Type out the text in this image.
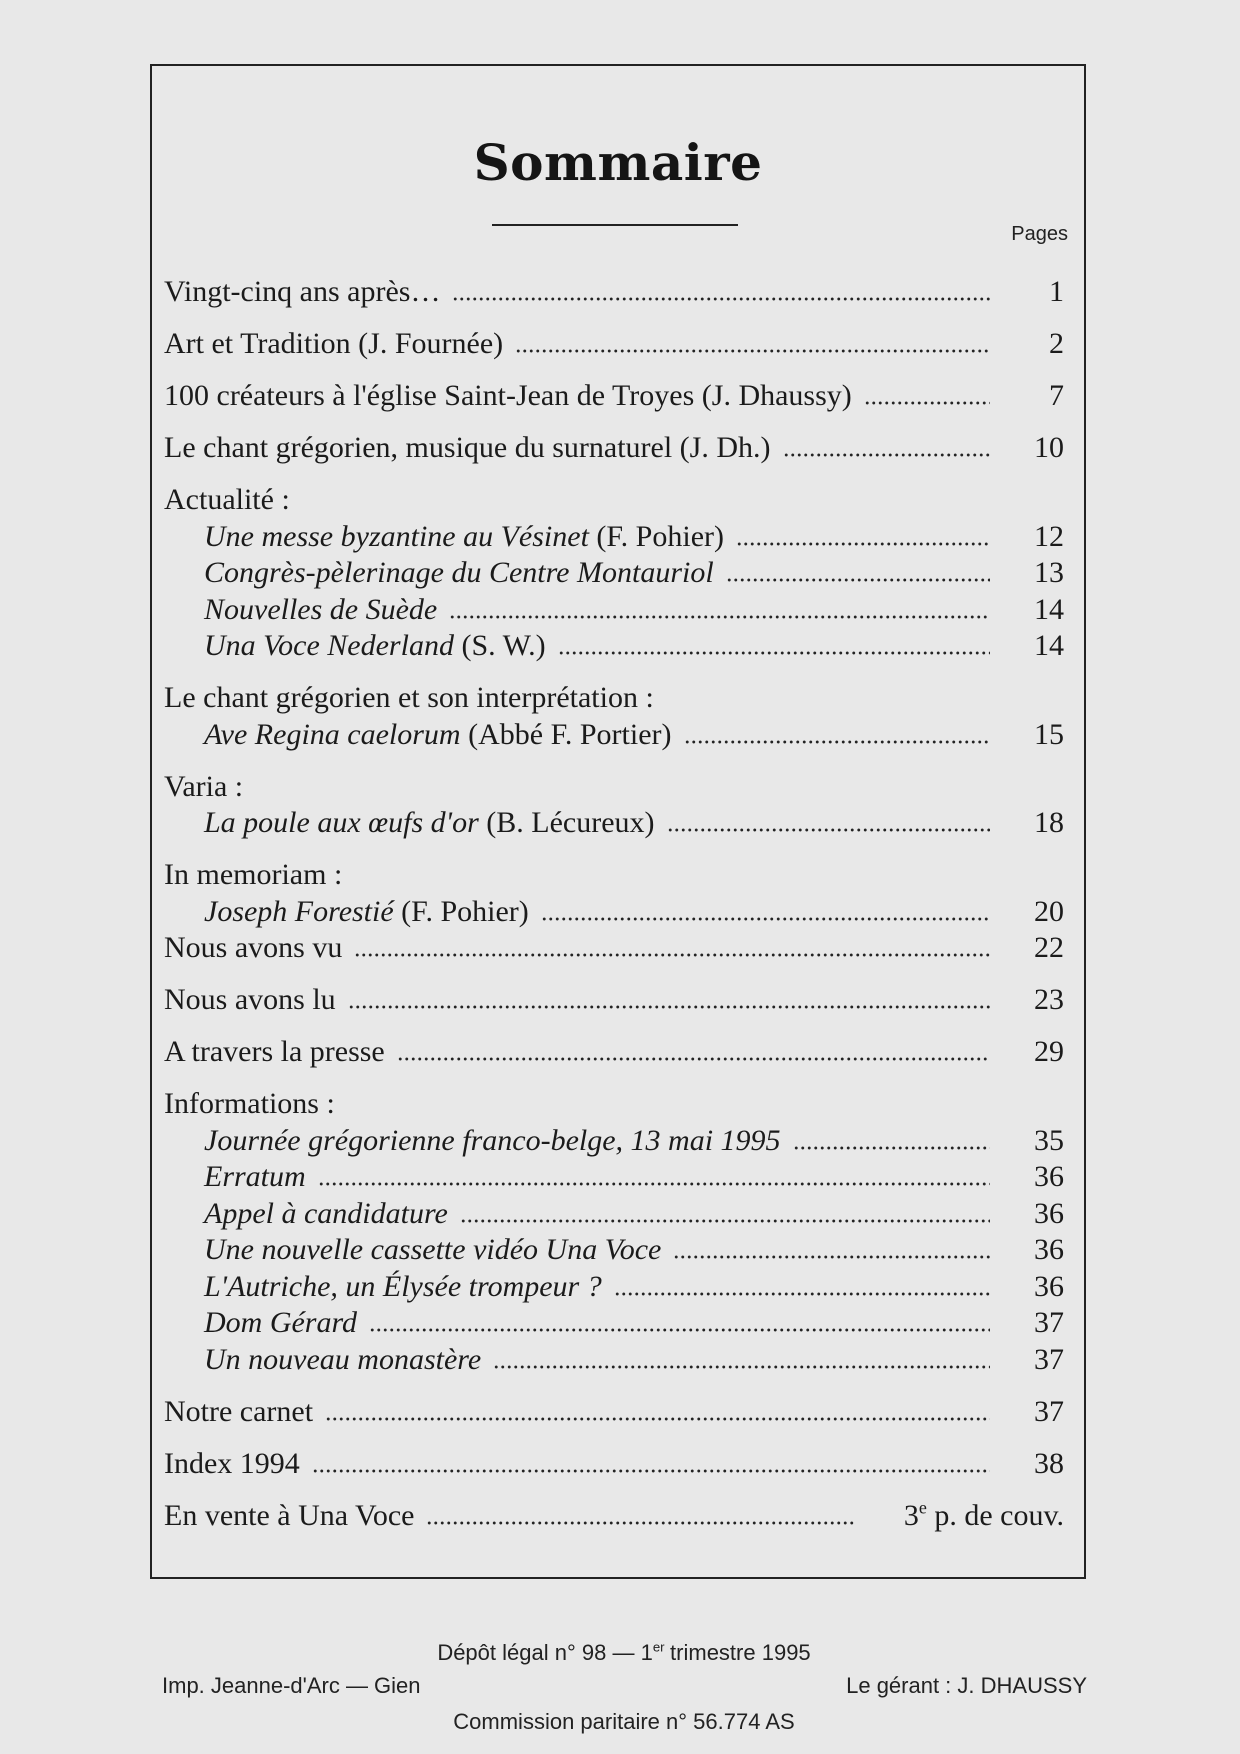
Sommaire
Pages
Vingt-cinq ans après…	1
Art et Tradition (J. Fournée)	2
100 créateurs à l'église Saint-Jean de Troyes (J. Dhaussy)	7
Le chant grégorien, musique du surnaturel (J. Dh.)	10
Actualité :
Une messe byzantine au Vésinet (F. Pohier)	12
Congrès-pèlerinage du Centre Montauriol	13
Nouvelles de Suède	14
Una Voce Nederland (S. W.)	14
Le chant grégorien et son interprétation :
Ave Regina caelorum (Abbé F. Portier)	15
Varia :
La poule aux œufs d'or (B. Lécureux)	18
In memoriam :
Joseph Forestié (F. Pohier)	20
Nous avons vu	22
Nous avons lu	23
A travers la presse	29
Informations :
Journée grégorienne franco-belge, 13 mai 1995	35
Erratum	36
Appel à candidature	36
Une nouvelle cassette vidéo Una Voce	36
L'Autriche, un Élysée trompeur ?	36
Dom Gérard	37
Un nouveau monastère	37
Notre carnet	37
Index 1994	38
En vente à Una Voce	3e p. de couv.
Dépôt légal n° 98 — 1er trimestre 1995
Imp. Jeanne-d'Arc — Gien	Le gérant : J. DHAUSSY
Commission paritaire n° 56.774 AS
